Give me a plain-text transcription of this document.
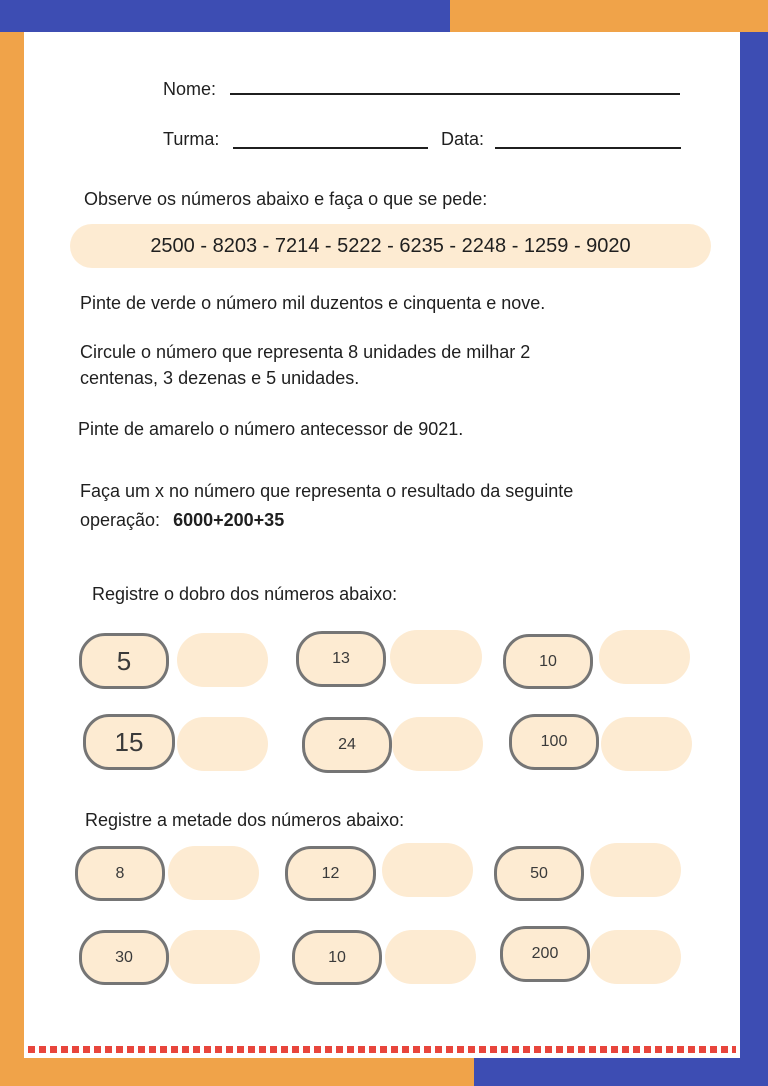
Nome:
Turma:	Data:
Observe os números abaixo e faça o que se pede:
2500 - 8203 - 7214 - 5222 - 6235 - 2248 - 1259 - 9020
Pinte de verde o número mil duzentos e cinquenta e nove.
Circule o número que representa 8 unidades de milhar 2
centenas, 3 dezenas e 5 unidades.
Pinte de amarelo o número antecessor de 9021.
Faça um x no número que representa o resultado da seguinte
operação: 6000+200+35
Registre o dobro dos números abaixo:
5	13	10
15	24	100
Registre a metade dos números abaixo:
8	12	50
30	10	200
